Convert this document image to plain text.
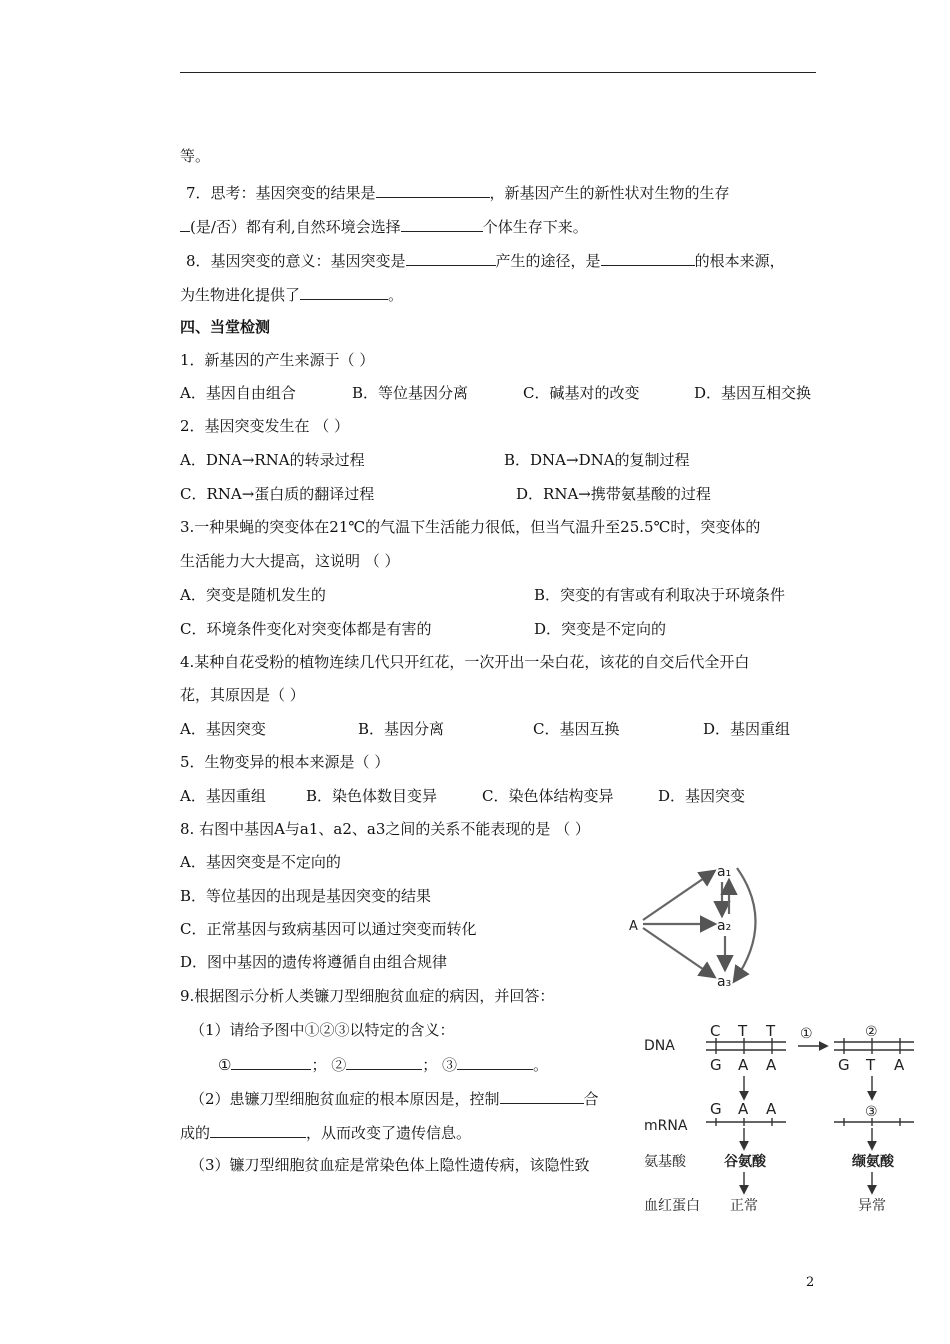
等。
7．思考：基因突变的结果是	，新基因产生的新性状对生物的生存
(是/否）都有利,自然环境会选择	个体生存下来。
8．基因突变的意义：基因突变是	产生的途径，是	的根本来源，
为生物进化提供了	。
四、当堂检测
1．新基因的产生来源于（ ）
A．基因自由组合	B．等位基因分离	C．碱基对的改变	D．基因互相交换
2．基因突变发生在 （ ）
A．DNA→RNA的转录过程	B．DNA→DNA的复制过程
C．RNA→蛋白质的翻译过程	D．RNA→携带氨基酸的过程
3.一种果蝇的突变体在21℃的气温下生活能力很低，但当气温升至25.5℃时，突变体的
生活能力大大提高，这说明 （ ）
A．突变是随机发生的	B．突变的有害或有利取决于环境条件
C．环境条件变化对突变体都是有害的	D．突变是不定向的
4.某种自花受粉的植物连续几代只开红花，一次开出一朵白花，该花的自交后代全开白
花，其原因是（ ）
A．基因突变	B．基因分离	C．基因互换	D．基因重组
5．生物变异的根本来源是（ ）
A．基因重组	B．染色体数目变异	C．染色体结构变异	D．基因突变
8. 右图中基因A与a1、a2、a3之间的关系不能表现的是 （ ）
A．基因突变是不定向的
B．等位基因的出现是基因突变的结果
C．正常基因与致病基因可以通过突变而转化
D．图中基因的遗传将遵循自由组合规律
A
a₁
a₂
a₃
9.根据图示分析人类镰刀型细胞贫血症的病因，并回答：
（1）请给予图中①②③以特定的含义：
①	； ②	； ③	。
（2）患镰刀型细胞贫血症的根本原因是，控制	合
成的	，从而改变了遗传信息。
（3）镰刀型细胞贫血症是常染色体上隐性遗传病，该隐性致
DNA
mRNA
氨基酸
血红蛋白
C T T
G A A
G A A
谷氨酸
正常
①	②
G T A
③
缬氨酸
异常
2
